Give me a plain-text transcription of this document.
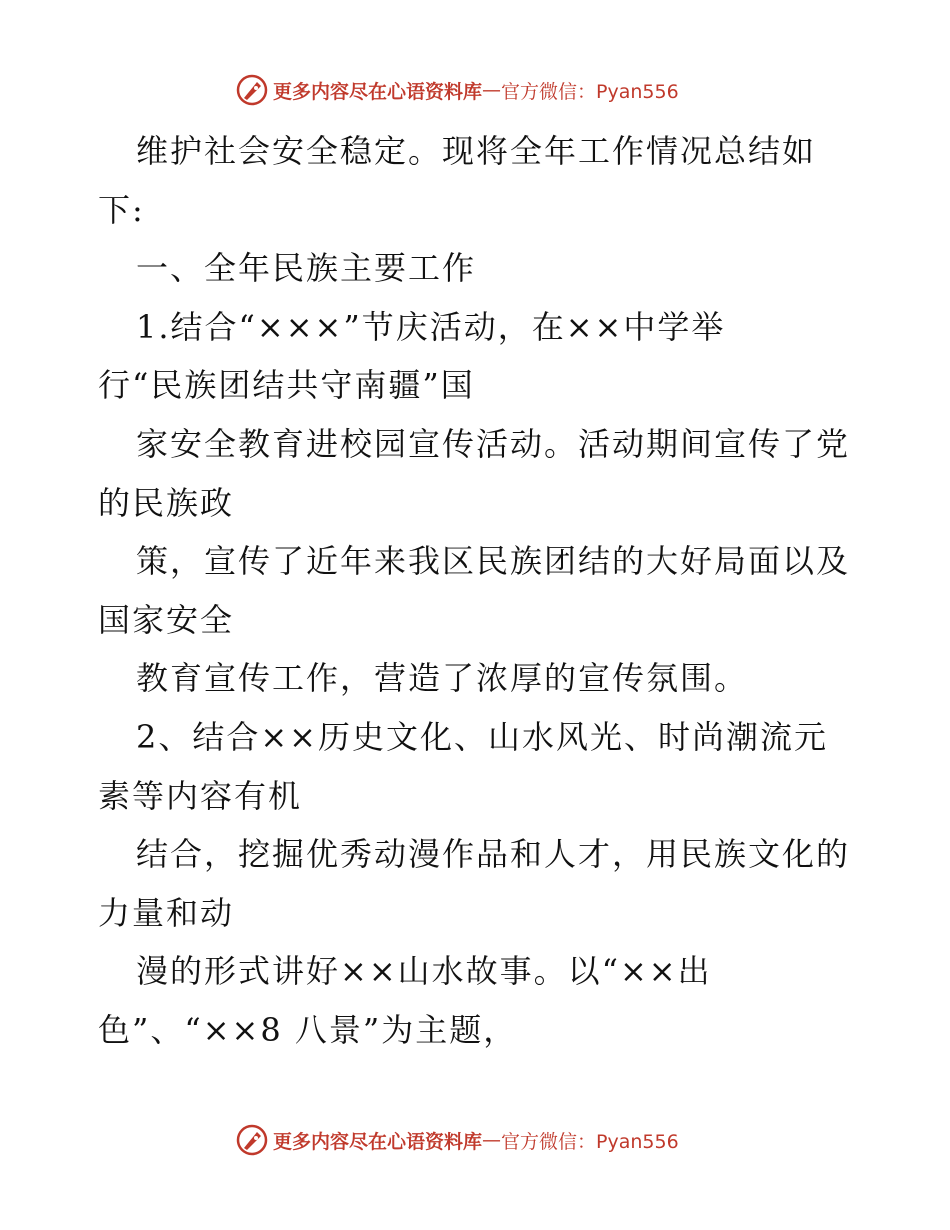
更多内容尽在心语资料库 — 官方微信：Pyan556
维护社会安全稳定。现将全年工作情况总结如
下:
一、全年民族主要工作
1.结合“×××”节庆活动，在××中学举
行“民族团结共守南疆”国
家安全教育进校园宣传活动。活动期间宣传了党
的民族政
策，宣传了近年来我区民族团结的大好局面以及
国家安全
教育宣传工作，营造了浓厚的宣传氛围。
2、结合××历史文化、山水风光、时尚潮流元
素等内容有机
结合，挖掘优秀动漫作品和人才，用民族文化的
力量和动
漫的形式讲好××山水故事。以“××出
色”、“××8 八景”为主题，
更多内容尽在心语资料库 — 官方微信：Pyan556
